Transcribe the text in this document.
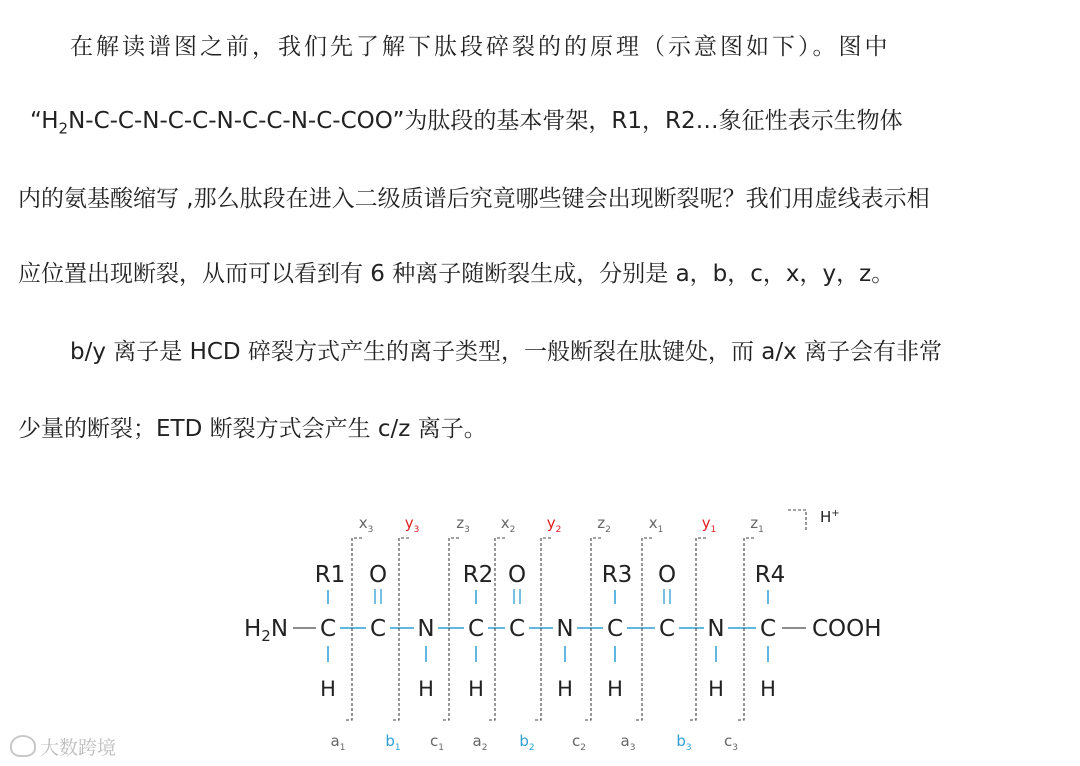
在解读谱图之前，我们先了解下肽段碎裂的的原理（示意图如下）。图中
“$H_2N-C-C-N-C-C-N-C-C-N-C$-COO”为肽段的基本骨架，R1，R2…象征性表示生物体
内的氨基酸缩写 ,那么肽段在进入二级质谱后究竟哪些键会出现断裂呢？我们用虚线表示相
应位置出现断裂，从而可以看到有 6 种离子随断裂生成，分别是 a，b，c，x，y，z。
b/y 离子是 HCD 碎裂方式产生的离子类型，一般断裂在肽键处，而 a/x 离子会有非常
少量的断裂；ETD 断裂方式会产生 c/z 离子。
$H_2N$ C C N C C N C C N C COOH
R1	R2	R3	R4
O	O	O
H	H H	H H	H H
$x_3$ $y_3$ $z_3$ $x_2$ $y_2$ $z_2$	$x_1$	$y_1$ $z_1$
$a_1$	$b_1$ $c_1$ $a_2$ $b_2$ $c_2$ $a_3$	$b_3$ $c_3$
H+
大数跨境
